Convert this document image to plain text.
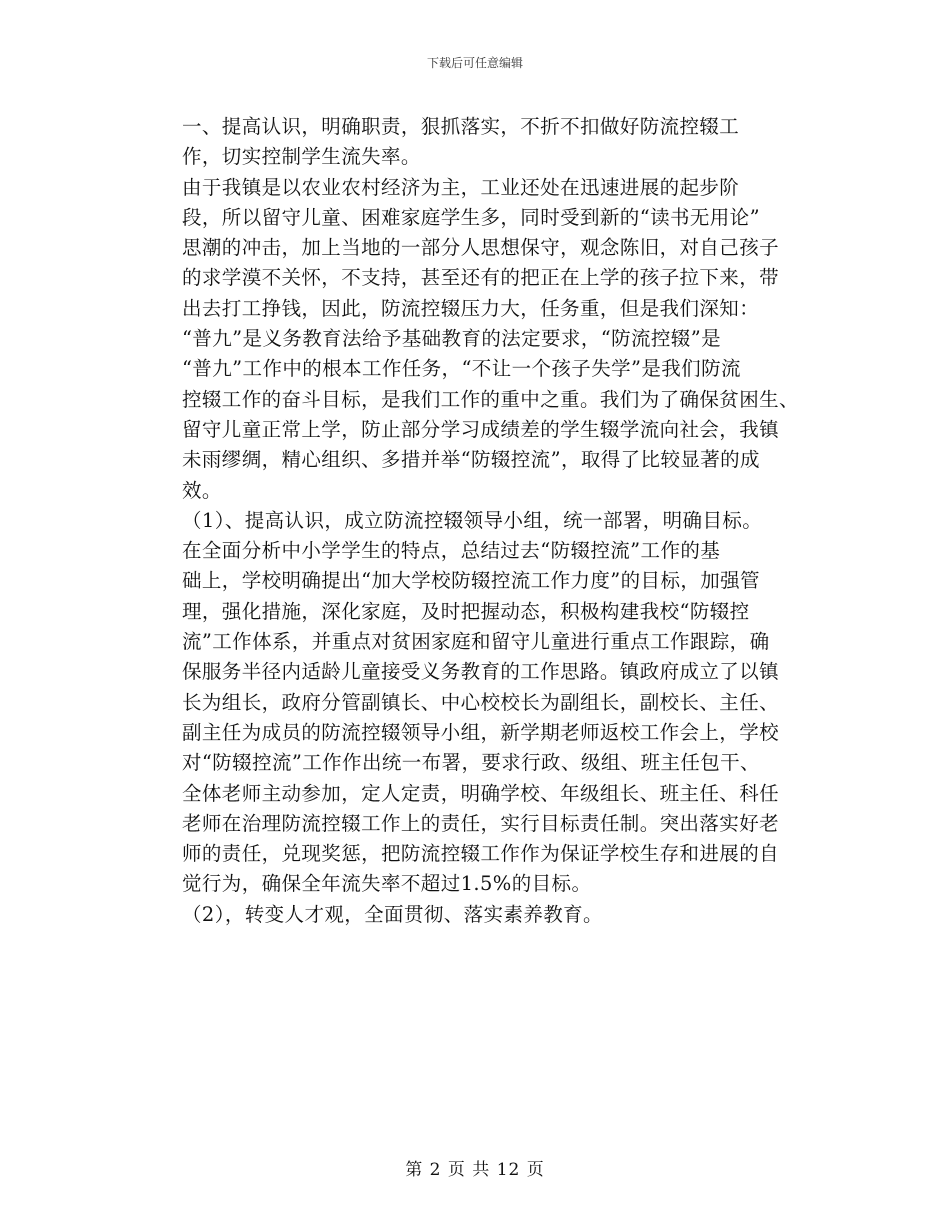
下载后可任意编辑

一、提高认识，明确职责，狠抓落实，不折不扣做好防流控辍工
作，切实控制学生流失率。

由于我镇是以农业农村经济为主，工业还处在迅速进展的起步阶
段，所以留守儿童、困难家庭学生多，同时受到新的“读书无用论”
思潮的冲击，加上当地的一部分人思想保守，观念陈旧，对自己孩子
的求学漠不关怀，不支持，甚至还有的把正在上学的孩子拉下来，带
出去打工挣钱，因此，防流控辍压力大，任务重，但是我们深知：
“普九”是义务教育法给予基础教育的法定要求，“防流控辍”是
“普九”工作中的根本工作任务，“不让一个孩子失学”是我们防流
控辍工作的奋斗目标，是我们工作的重中之重。我们为了确保贫困生、
留守儿童正常上学，防止部分学习成绩差的学生辍学流向社会，我镇
未雨缪绸，精心组织、多措并举“防辍控流”，取得了比较显著的成
效。

（1）、提高认识，成立防流控辍领导小组，统一部署，明确目标。

在全面分析中小学学生的特点，总结过去“防辍控流”工作的基
础上，学校明确提出“加大学校防辍控流工作力度”的目标，加强管
理，强化措施，深化家庭，及时把握动态，积极构建我校“防辍控
流”工作体系，并重点对贫困家庭和留守儿童进行重点工作跟踪，确
保服务半径内适龄儿童接受义务教育的工作思路。镇政府成立了以镇
长为组长，政府分管副镇长、中心校校长为副组长，副校长、主任、
副主任为成员的防流控辍领导小组，新学期老师返校工作会上，学校
对“防辍控流”工作作出统一布署，要求行政、级组、班主任包干、
全体老师主动参加，定人定责，明确学校、年级组长、班主任、科任
老师在治理防流控辍工作上的责任，实行目标责任制。突出落实好老
师的责任，兑现奖惩，把防流控辍工作作为保证学校生存和进展的自
觉行为，确保全年流失率不超过1.5%的目标。

（2），转变人才观，全面贯彻、落实素养教育。

第 2 页 共 12 页
